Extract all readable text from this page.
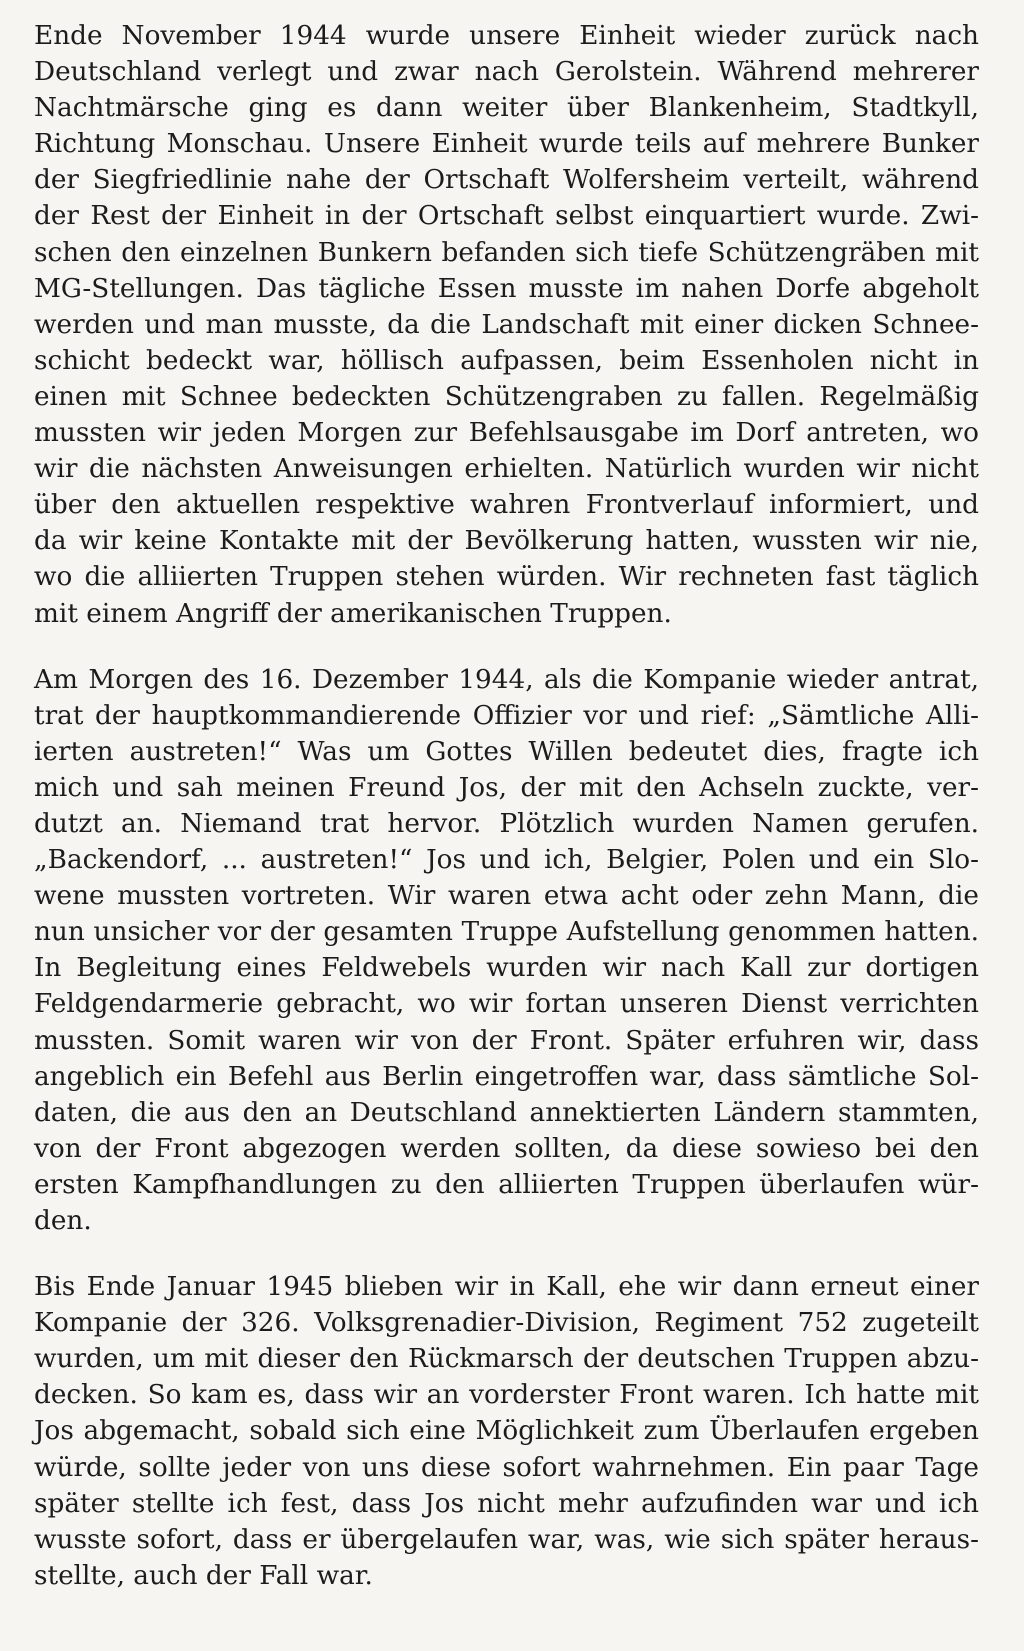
Ende November 1944 wurde unsere Einheit wieder zurück nach
Deutschland verlegt und zwar nach Gerolstein. Während mehrerer
Nachtmärsche ging es dann weiter über Blankenheim, Stadtkyll,
Richtung Monschau. Unsere Einheit wurde teils auf mehrere Bunker
der Siegfriedlinie nahe der Ortschaft Wolfersheim verteilt, während
der Rest der Einheit in der Ortschaft selbst einquartiert wurde. Zwi-
schen den einzelnen Bunkern befanden sich tiefe Schützengräben mit
MG-Stellungen. Das tägliche Essen musste im nahen Dorfe abgeholt
werden und man musste, da die Landschaft mit einer dicken Schnee-
schicht bedeckt war, höllisch aufpassen, beim Essenholen nicht in
einen mit Schnee bedeckten Schützengraben zu fallen. Regelmäßig
mussten wir jeden Morgen zur Befehlsausgabe im Dorf antreten, wo
wir die nächsten Anweisungen erhielten. Natürlich wurden wir nicht
über den aktuellen respektive wahren Frontverlauf informiert, und
da wir keine Kontakte mit der Bevölkerung hatten, wussten wir nie,
wo die alliierten Truppen stehen würden. Wir rechneten fast täglich
mit einem Angriff der amerikanischen Truppen.

Am Morgen des 16. Dezember 1944, als die Kompanie wieder antrat,
trat der hauptkommandierende Offizier vor und rief: „Sämtliche Alli-
ierten austreten!“ Was um Gottes Willen bedeutet dies, fragte ich
mich und sah meinen Freund Jos, der mit den Achseln zuckte, ver-
dutzt an. Niemand trat hervor. Plötzlich wurden Namen gerufen.
„Backendorf, ... austreten!“ Jos und ich, Belgier, Polen und ein Slo-
wene mussten vortreten. Wir waren etwa acht oder zehn Mann, die
nun unsicher vor der gesamten Truppe Aufstellung genommen hatten.
In Begleitung eines Feldwebels wurden wir nach Kall zur dortigen
Feldgendarmerie gebracht, wo wir fortan unseren Dienst verrichten
mussten. Somit waren wir von der Front. Später erfuhren wir, dass
angeblich ein Befehl aus Berlin eingetroffen war, dass sämtliche Sol-
daten, die aus den an Deutschland annektierten Ländern stammten,
von der Front abgezogen werden sollten, da diese sowieso bei den
ersten Kampfhandlungen zu den alliierten Truppen überlaufen wür-
den.

Bis Ende Januar 1945 blieben wir in Kall, ehe wir dann erneut einer
Kompanie der 326. Volksgrenadier-Division, Regiment 752 zugeteilt
wurden, um mit dieser den Rückmarsch der deutschen Truppen abzu-
decken. So kam es, dass wir an vorderster Front waren. Ich hatte mit
Jos abgemacht, sobald sich eine Möglichkeit zum Überlaufen ergeben
würde, sollte jeder von uns diese sofort wahrnehmen. Ein paar Tage
später stellte ich fest, dass Jos nicht mehr aufzufinden war und ich
wusste sofort, dass er übergelaufen war, was, wie sich später heraus-
stellte, auch der Fall war.
